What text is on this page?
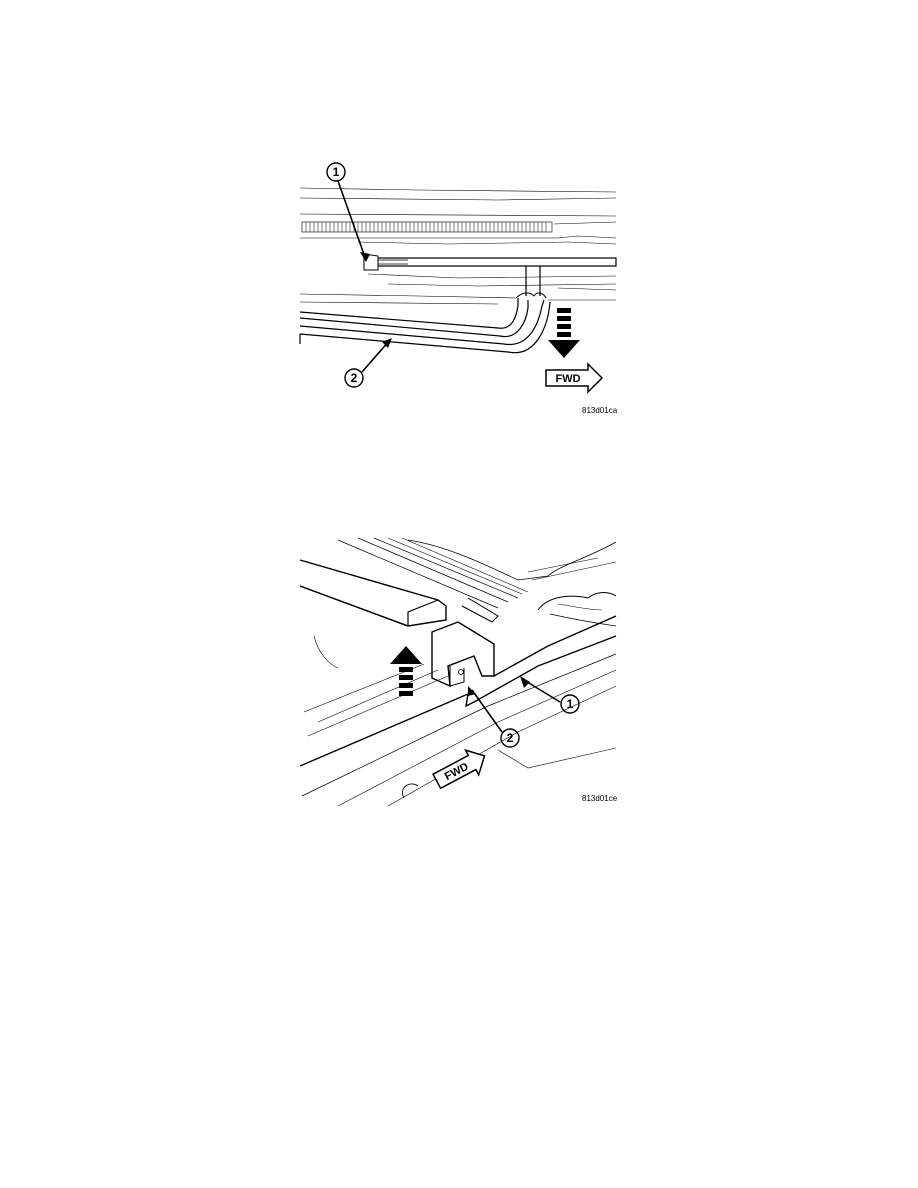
1
2	FWD
813d01ca
1
2
FWD
813d01ce
